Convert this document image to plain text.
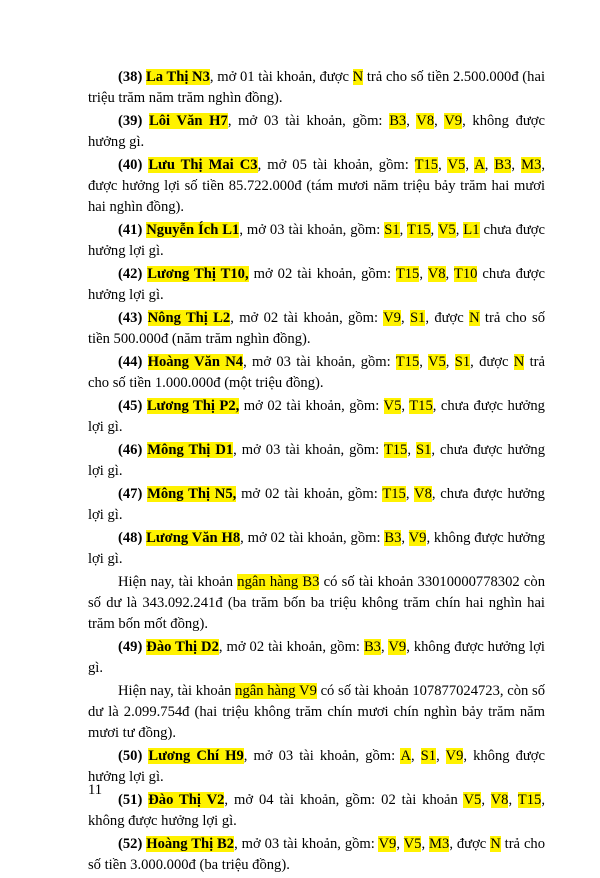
(38) La Thị N3, mở 01 tài khoản, được N trả cho số tiền 2.500.000đ (hai triệu trăm năm trăm nghìn đồng).

(39) Lôi Văn H7, mở 03 tài khoản, gồm: B3, V8, V9, không được hưởng gì.

(40) Lưu Thị Mai C3, mở 05 tài khoản, gồm: T15, V5, A, B3, M3, được hưởng lợi số tiền 85.722.000đ (tám mươi năm triệu bảy trăm hai mươi hai nghìn đồng).

(41) Nguyễn Ích L1, mở 03 tài khoản, gồm: S1, T15, V5, L1 chưa được hưởng lợi gì.

(42) Lương Thị T10, mở 02 tài khoản, gồm: T15, V8, T10 chưa được hưởng lợi gì.

(43) Nông Thị L2, mở 02 tài khoản, gồm: V9, S1, được N trả cho số tiền 500.000đ (năm trăm nghìn đồng).

(44) Hoàng Văn N4, mở 03 tài khoản, gồm: T15, V5, S1, được N trả cho số tiền 1.000.000đ (một triệu đồng).

(45) Lương Thị P2, mở 02 tài khoản, gồm: V5, T15, chưa được hưởng lợi gì.

(46) Mông Thị D1, mở 03 tài khoản, gồm: T15, S1, chưa được hưởng lợi gì.

(47) Mông Thị N5, mở 02 tài khoản, gồm: T15, V8, chưa được hưởng lợi gì.

(48) Lương Văn H8, mở 02 tài khoản, gồm: B3, V9, không được hưởng lợi gì.

Hiện nay, tài khoản ngân hàng B3 có số tài khoản 33010000778302 còn số dư là 343.092.241đ (ba trăm bốn ba triệu không trăm chín hai nghìn hai trăm bốn mốt đồng).

(49) Đào Thị D2, mở 02 tài khoản, gồm: B3, V9, không được hưởng lợi gì.

Hiện nay, tài khoản ngân hàng V9 có số tài khoản 107877024723, còn số dư là 2.099.754đ (hai triệu không trăm chín mươi chín nghìn bảy trăm năm mươi tư đồng).

(50) Lương Chí H9, mở 03 tài khoản, gồm: A, S1, V9, không được hưởng lợi gì.

(51) Đào Thị V2, mở 04 tài khoản, gồm: 02 tài khoản V5, V8, T15, không được hưởng lợi gì.

(52) Hoàng Thị B2, mở 03 tài khoản, gồm: V9, V5, M3, được N trả cho số tiền 3.000.000đ (ba triệu đồng).

11
